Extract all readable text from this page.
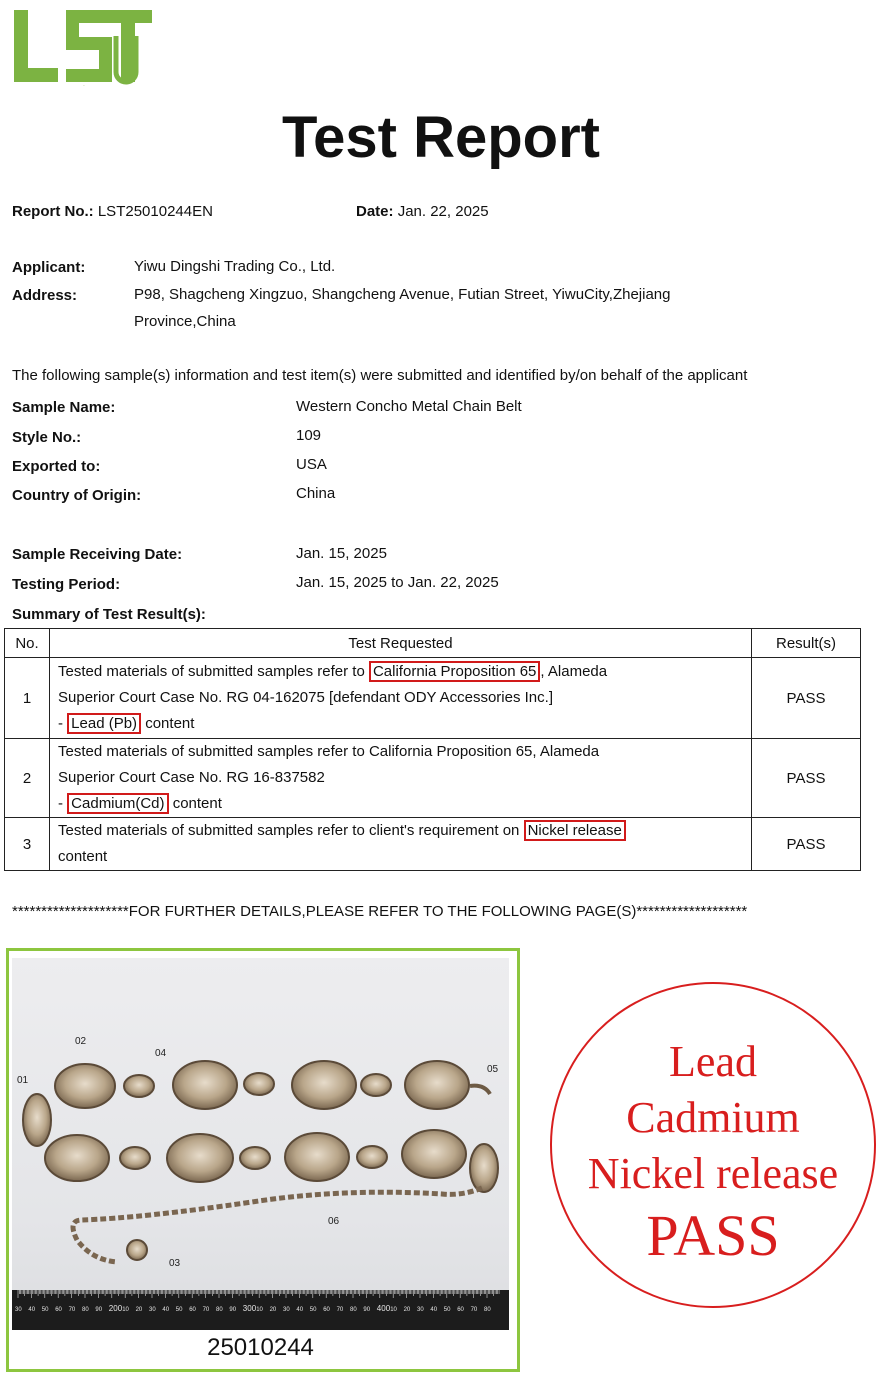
LST
Test Report
Report No.: LST25010244EN	Date: Jan. 22, 2025
Applicant:	Yiwu Dingshi Trading Co., Ltd.
Address:	P98, Shagcheng Xingzuo, Shangcheng Avenue, Futian Street, YiwuCity,Zhejiang
Province,China
The following sample(s) information and test item(s) were submitted and identified by/on behalf of the applicant
Sample Name:	Western Concho Metal Chain Belt
Style No.:	109
Exported to:	USA
Country of Origin:	China
Sample Receiving Date:	Jan. 15, 2025
Testing Period:	Jan. 15, 2025 to Jan. 22, 2025
Summary of Test Result(s):
No.	Test Requested	Result(s)
1	Tested materials of submitted samples refer to California Proposition 65 , Alameda
Superior Court Case No. RG 04-162075 [defendant ODY Accessories Inc.]
- Lead (Pb) content	PASS
2	Tested materials of submitted samples refer to California Proposition 65, Alameda
Superior Court Case No. RG 16-837582
- Cadmium(Cd) content	PASS
3	Tested materials of submitted samples refer to client's requirement on Nickel release
content	PASS
********************FOR FURTHER DETAILS,PLEASE REFER TO THE FOLLOWING PAGE(S)*******************
01
02
03
04
05
06
30 40 50 60 70 80 90 200 10 20 30 40 50 60 70 80 90 300 10 20 30 40 50 60 70 80 90 400 10 20 30 40 50 60 70 80
25010244
Lead
Cadmium
Nickel release
PASS
